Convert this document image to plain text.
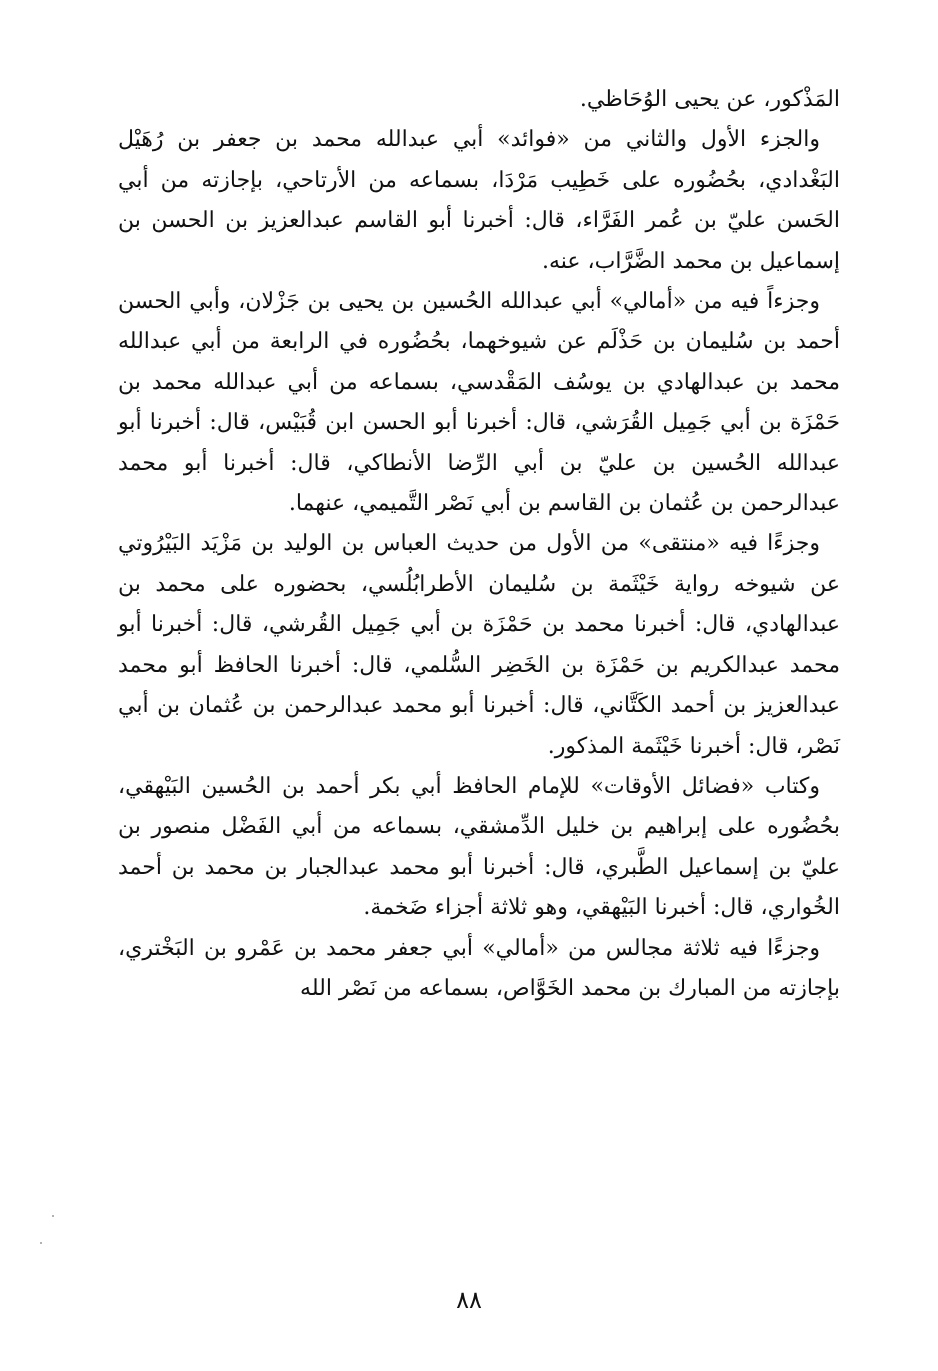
المَذْكور، عن يحيى الوُحَاظي.

والجزء الأول والثاني من «فوائد» أبي عبدالله محمد بن جعفر بن رُهَيْل البَغْدادي، بحُضُوره على خَطِيب مَرْدَا، بسماعه من الأرتاحي، بإجازته من أبي الحَسن عليّ بن عُمر الفَرَّاء، قال: أخبرنا أبو القاسم عبدالعزيز بن الحسن بن إسماعيل بن محمد الضَّرَّاب، عنه.

وجزءاً فيه من «أمالي» أبي عبدالله الحُسين بن يحيى بن جَزْلان، وأبي الحسن أحمد بن سُليمان بن حَذْلَم عن شيوخهما، بحُضُوره في الرابعة من أبي عبدالله محمد بن عبدالهادي بن يوسُف المَقْدسي، بسماعه من أبي عبدالله محمد بن حَمْزَة بن أبي جَمِيل القُرَشي، قال: أخبرنا أبو الحسن ابن قُبَيْس، قال: أخبرنا أبو عبدالله الحُسين بن عليّ بن أبي الرِّضا الأنطاكي، قال: أخبرنا أبو محمد عبدالرحمن بن عُثمان بن القاسم بن أبي نَصْر التَّميمي، عنهما.

وجزءًا فيه «منتقى» من الأول من حديث العباس بن الوليد بن مَزْيَد البَيْرُوتي عن شيوخه رواية خَيْثَمة بن سُليمان الأطرابُلُسي، بحضوره على محمد بن عبدالهادي، قال: أخبرنا محمد بن حَمْزَة بن أبي جَمِيل القُرشي، قال: أخبرنا أبو محمد عبدالكريم بن حَمْزَة بن الخَضِر السُّلمي، قال: أخبرنا الحافظ أبو محمد عبدالعزيز بن أحمد الكَتَّاني، قال: أخبرنا أبو محمد عبدالرحمن بن عُثمان بن أبي نَصْر، قال: أخبرنا خَيْثَمة المذكور.

وكتاب «فضائل الأوقات» للإمام الحافظ أبي بكر أحمد بن الحُسين البَيْهقي، بحُضُوره على إبراهيم بن خليل الدِّمشقي، بسماعه من أبي الفَضْل منصور بن عليّ بن إسماعيل الطَّبري، قال: أخبرنا أبو محمد عبدالجبار بن محمد بن أحمد الخُواري، قال: أخبرنا البَيْهقي، وهو ثلاثة أجزاء ضَخمة.

وجزءًا فيه ثلاثة مجالس من «أمالي» أبي جعفر محمد بن عَمْرو بن البَخْتري، بإجازته من المبارك بن محمد الخَوَّاص، بسماعه من نَصْر الله

٨٨
